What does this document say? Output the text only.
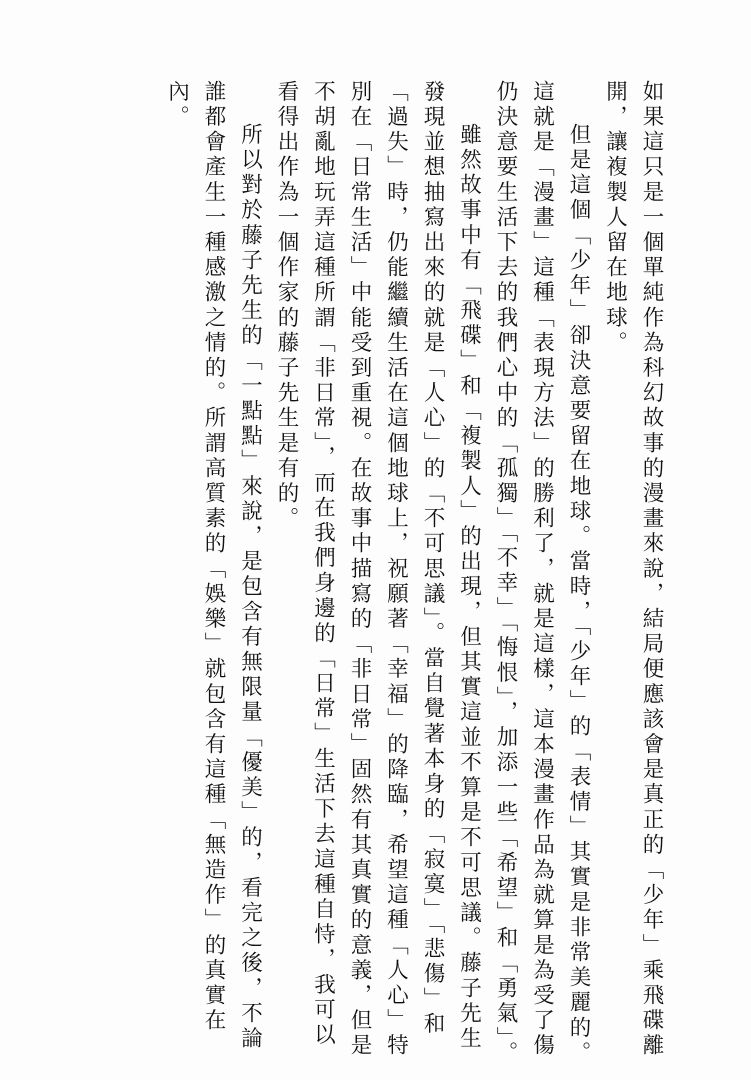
如果這只是一個單純作為科幻故事的漫畫來說，結局便應該會是真正的「少年」乘飛碟離開，讓複製人留在地球。

但是這個「少年」卻決意要留在地球。當時，「少年」的「表情」其實是非常美麗的。這就是「漫畫」這種「表現方法」的勝利了，就是這樣，這本漫畫作品為就算是為受了傷仍決意要生活下去的我們心中的「孤獨」「不幸」「悔恨」，加添一些「希望」和「勇氣」。

雖然故事中有「飛碟」和「複製人」的出現，但其實這並不算是不可思議。藤子先生發現並想抽寫出來的就是「人心」的「不可思議」。當自覺著本身的「寂寞」「悲傷」和「過失」時，仍能繼續生活在這個地球上，祝願著「幸福」的降臨，希望這種「人心」特別在「日常生活」中能受到重視。在故事中描寫的「非日常」固然有其真實的意義，但是不胡亂地玩弄這種所謂「非日常」，而在我們身邊的「日常」生活下去這種自恃，我可以看得出作為一個作家的藤子先生是有的。

所以對於藤子先生的「一點點」來說，是包含有無限量「優美」的，看完之後，不論誰都會產生一種感激之情的。所謂高質素的「娛樂」就包含有這種「無造作」的真實在內。
